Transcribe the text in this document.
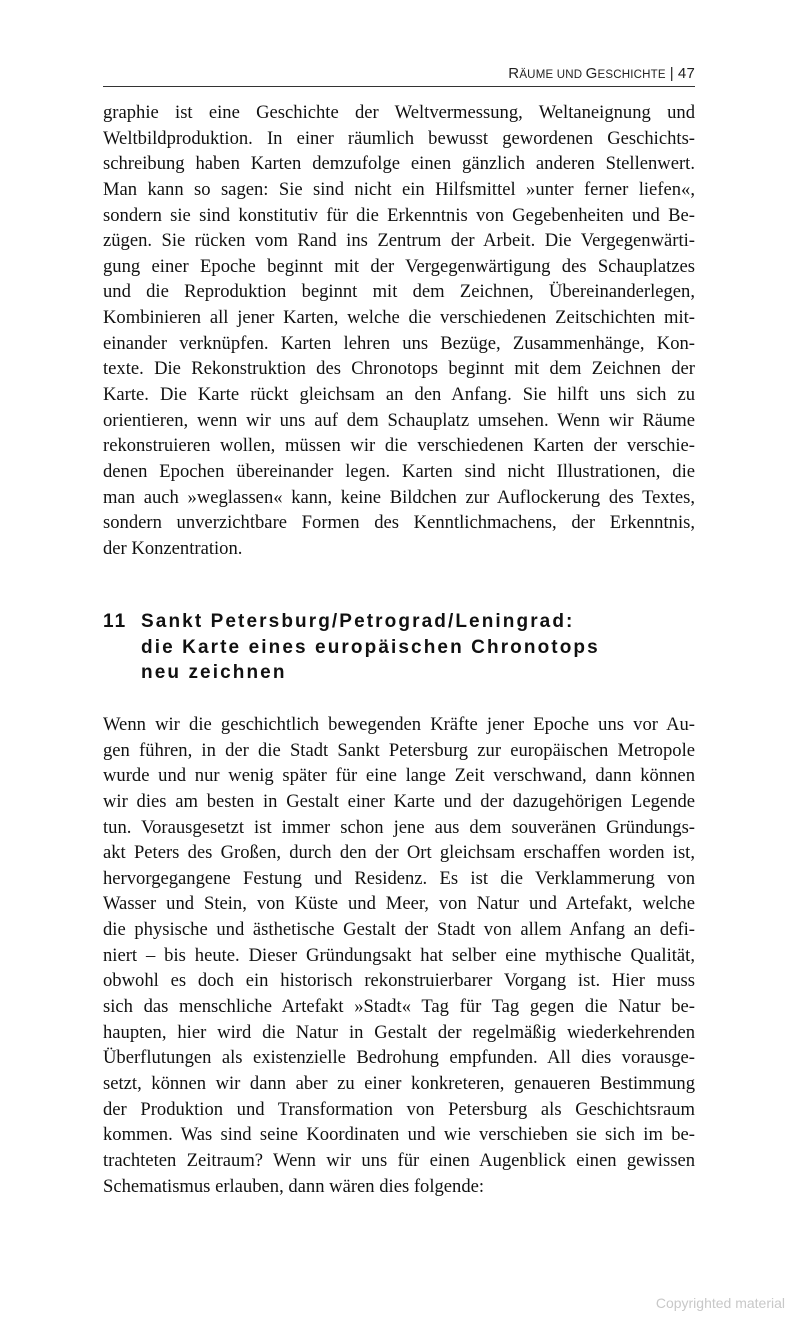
RÄUME UND GESCHICHTE | 47

graphie ist eine Geschichte der Weltvermessung, Weltaneignung und
Weltbildproduktion. In einer räumlich bewusst gewordenen Geschichts-
schreibung haben Karten demzufolge einen gänzlich anderen Stellenwert.
Man kann so sagen: Sie sind nicht ein Hilfsmittel »unter ferner liefen«,
sondern sie sind konstitutiv für die Erkenntnis von Gegebenheiten und Be-
zügen. Sie rücken vom Rand ins Zentrum der Arbeit. Die Vergegenwärti-
gung einer Epoche beginnt mit der Vergegenwärtigung des Schauplatzes
und die Reproduktion beginnt mit dem Zeichnen, Übereinanderlegen,
Kombinieren all jener Karten, welche die verschiedenen Zeitschichten mit-
einander verknüpfen. Karten lehren uns Bezüge, Zusammenhänge, Kon-
texte. Die Rekonstruktion des Chronotops beginnt mit dem Zeichnen der
Karte. Die Karte rückt gleichsam an den Anfang. Sie hilft uns sich zu
orientieren, wenn wir uns auf dem Schauplatz umsehen. Wenn wir Räume
rekonstruieren wollen, müssen wir die verschiedenen Karten der verschie-
denen Epochen übereinander legen. Karten sind nicht Illustrationen, die
man auch »weglassen« kann, keine Bildchen zur Auflockerung des Textes,
sondern unverzichtbare Formen des Kenntlichmachens, der Erkenntnis,
der Konzentration.

11 Sankt Petersburg/Petrograd/Leningrad:
die Karte eines europäischen Chronotops
neu zeichnen

Wenn wir die geschichtlich bewegenden Kräfte jener Epoche uns vor Au-
gen führen, in der die Stadt Sankt Petersburg zur europäischen Metropole
wurde und nur wenig später für eine lange Zeit verschwand, dann können
wir dies am besten in Gestalt einer Karte und der dazugehörigen Legende
tun. Vorausgesetzt ist immer schon jene aus dem souveränen Gründungs-
akt Peters des Großen, durch den der Ort gleichsam erschaffen worden ist,
hervorgegangene Festung und Residenz. Es ist die Verklammerung von
Wasser und Stein, von Küste und Meer, von Natur und Artefakt, welche
die physische und ästhetische Gestalt der Stadt von allem Anfang an defi-
niert – bis heute. Dieser Gründungsakt hat selber eine mythische Qualität,
obwohl es doch ein historisch rekonstruierbarer Vorgang ist. Hier muss
sich das menschliche Artefakt »Stadt« Tag für Tag gegen die Natur be-
haupten, hier wird die Natur in Gestalt der regelmäßig wiederkehrenden
Überflutungen als existenzielle Bedrohung empfunden. All dies vorausge-
setzt, können wir dann aber zu einer konkreteren, genaueren Bestimmung
der Produktion und Transformation von Petersburg als Geschichtsraum
kommen. Was sind seine Koordinaten und wie verschieben sie sich im be-
trachteten Zeitraum? Wenn wir uns für einen Augenblick einen gewissen
Schematismus erlauben, dann wären dies folgende:

Copyrighted material
